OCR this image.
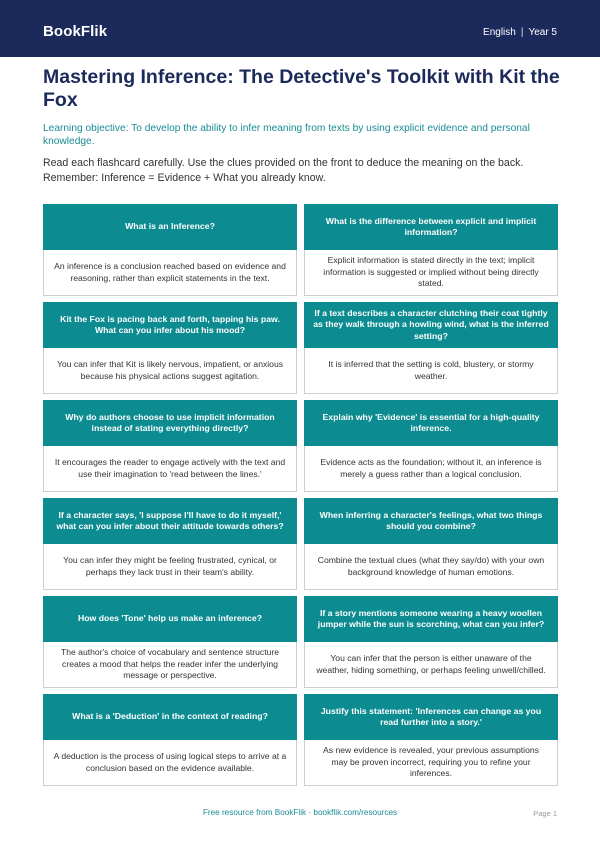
BookFlik	English | Year 5
Mastering Inference: The Detective's Toolkit with Kit the Fox

Learning objective: To develop the ability to infer meaning from texts by using explicit evidence and personal knowledge.

Read each flashcard carefully. Use the clues provided on the front to deduce the meaning on the back. Remember: Inference = Evidence + What you already know.

What is an Inference?
An inference is a conclusion reached based on evidence and reasoning, rather than explicit statements in the text.
What is the difference between explicit and implicit information?
Explicit information is stated directly in the text; implicit information is suggested or implied without being directly stated.
Kit the Fox is pacing back and forth, tapping his paw. What can you infer about his mood?
You can infer that Kit is likely nervous, impatient, or anxious because his physical actions suggest agitation.
If a text describes a character clutching their coat tightly as they walk through a howling wind, what is the inferred setting?
It is inferred that the setting is cold, blustery, or stormy weather.
Why do authors choose to use implicit information instead of stating everything directly?
It encourages the reader to engage actively with the text and use their imagination to 'read between the lines.'
Explain why 'Evidence' is essential for a high-quality inference.
Evidence acts as the foundation; without it, an inference is merely a guess rather than a logical conclusion.
If a character says, 'I suppose I'll have to do it myself,' what can you infer about their attitude towards others?
You can infer they might be feeling frustrated, cynical, or perhaps they lack trust in their team's ability.
When inferring a character's feelings, what two things should you combine?
Combine the textual clues (what they say/do) with your own background knowledge of human emotions.
How does 'Tone' help us make an inference?
The author's choice of vocabulary and sentence structure creates a mood that helps the reader infer the underlying message or perspective.
If a story mentions someone wearing a heavy woollen jumper while the sun is scorching, what can you infer?
You can infer that the person is either unaware of the weather, hiding something, or perhaps feeling unwell/chilled.
What is a 'Deduction' in the context of reading?
A deduction is the process of using logical steps to arrive at a conclusion based on the evidence available.
Justify this statement: 'Inferences can change as you read further into a story.'
As new evidence is revealed, your previous assumptions may be proven incorrect, requiring you to refine your inferences.
Free resource from BookFlik · bookflik.com/resources	Page 1
